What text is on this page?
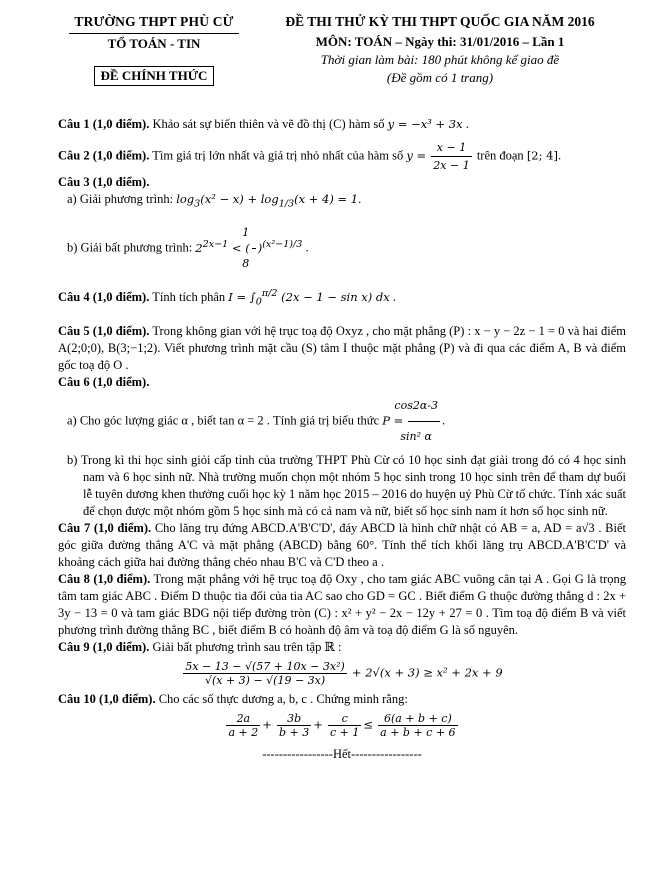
TRƯỜNG THPT PHÙ CỪ
TỔ TOÁN - TIN
ĐỀ CHÍNH THỨC
ĐỀ THI THỬ KỲ THI THPT QUỐC GIA NĂM 2016
MÔN: TOÁN – Ngày thi: 31/01/2016 – Lần 1
Thời gian làm bài: 180 phút không kể giao đề
(Đề gồm có 1 trang)

Câu 1 (1,0 điểm). Khảo sát sự biến thiên và vẽ đồ thị (C) hàm số y = −x³ + 3x .

Câu 2 (1,0 điểm). Tìm giá trị lớn nhất và giá trị nhỏ nhất của hàm số $y = \frac{x - 1}{2x - 1}$ trên đoạn [2; 4].

Câu 3 (1,0 điểm).

a) Giải phương trình: $\log_3(x^2 - x) + \log_{1/3}(x + 4) = 1$.

b) Giải bất phương trình: $2^{2x-1}$ < ( $\frac{1}{8} )^{(x^2-1)/3}$ .

Câu 4 (1,0 điểm). Tính tích phân $I = \int_0^{\pi/2}$ (2x − 1 − sin x) dx .

Câu 5 (1,0 điểm). Trong không gian với hệ trục toạ độ Oxyz , cho mặt phẳng (P) : x − y − 2z − 1 = 0 và hai điểm A(2;0;0), B(3;−1;2). Viết phương trình mặt cầu (S) tâm I thuộc mặt phẳng (P) và đi qua các điểm A, B và điểm gốc toạ độ O .

Câu 6 (1,0 điểm).

a) Cho góc lượng giác α , biết tan α = 2 . Tính giá trị biểu thức $P = \frac{\cos 2\alpha-3}{\text{sin² α}}$ .

b) Trong kì thi học sinh giỏi cấp tỉnh của trường THPT Phù Cừ có 10 học sinh đạt giải trong đó có 4 học sinh nam và 6 học sinh nữ. Nhà trường muốn chọn một nhóm 5 học sinh trong 10 học sinh trên để tham dự buổi lễ tuyên dương khen thưởng cuối học kỳ 1 năm học 2015 – 2016 do huyện uỷ Phù Cừ tổ chức. Tính xác suất để chọn được một nhóm gồm 5 học sinh mà có cả nam và nữ, biết số học sinh nam ít hơn số học sinh nữ.

Câu 7 (1,0 điểm). Cho lăng trụ đứng ABCD.A'B'C'D', đáy ABCD là hình chữ nhật có AB = a, AD = a√3 . Biết góc giữa đường thẳng A'C và mặt phẳng (ABCD) bằng 60°. Tính thể tích khối lăng trụ ABCD.A'B'C'D' và khoảng cách giữa hai đường thẳng chéo nhau B'C và C'D theo a .

Câu 8 (1,0 điểm). Trong mặt phẳng với hệ trục toạ độ Oxy , cho tam giác ABC vuông cân tại A . Gọi G là trọng tâm tam giác ABC . Điểm D thuộc tia đối của tia AC sao cho GD = GC . Biết điểm G thuộc đường thẳng d : 2x + 3y − 13 = 0 và tam giác BDG nội tiếp đường tròn (C) : x² + y² − 2x − 12y + 27 = 0 . Tìm toạ độ điểm B và viết phương trình đường thẳng BC , biết điểm B có hoành độ âm và toạ độ điểm G là số nguyên.

Câu 9 (1,0 điểm). Giải bất phương trình sau trên tập ℝ :

$\frac{\text{5x − 13 − √(57 + 10x − 3x²)}}{√(x + 3) - √(19 - 3x)} + 2√(x + 3) \ge x^2 + 2x + 9$

Câu 10 (1,0 điểm). Cho các số thực dương a, b, c . Chứng minh rằng:

$\frac{2a}{a + 2} + \frac{3b}{b + 3} + \frac{c}{c + 1} \le \frac{6(a + b + c)}{a + b + c + 6}$
-----------------Hết-----------------
